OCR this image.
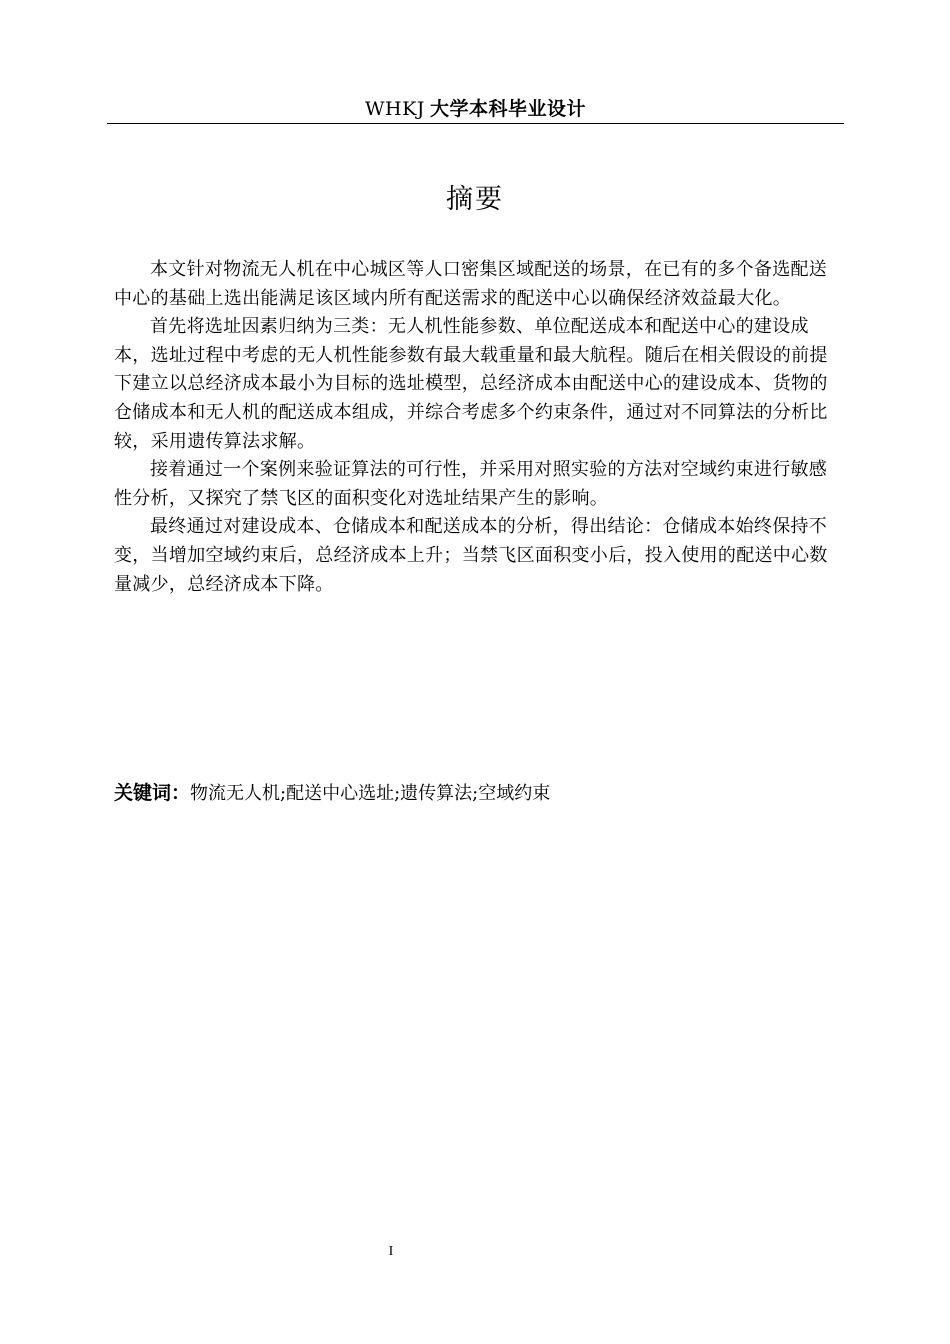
WHKJ 大学本科毕业设计
摘要

本文针对物流无人机在中心城区等人口密集区域配送的场景，在已有的多个备选配送中心的基础上选出能满足该区域内所有配送需求的配送中心以确保经济效益最大化。

首先将选址因素归纳为三类：无人机性能参数、单位配送成本和配送中心的建设成本，选址过程中考虑的无人机性能参数有最大载重量和最大航程。随后在相关假设的前提下建立以总经济成本最小为目标的选址模型，总经济成本由配送中心的建设成本、货物的仓储成本和无人机的配送成本组成，并综合考虑多个约束条件，通过对不同算法的分析比较，采用遗传算法求解。

接着通过一个案例来验证算法的可行性，并采用对照实验的方法对空域约束进行敏感性分析，又探究了禁飞区的面积变化对选址结果产生的影响。

最终通过对建设成本、仓储成本和配送成本的分析，得出结论：仓储成本始终保持不变，当增加空域约束后，总经济成本上升；当禁飞区面积变小后，投入使用的配送中心数量减少，总经济成本下降。

关键词：物流无人机;配送中心选址;遗传算法;空域约束
I
